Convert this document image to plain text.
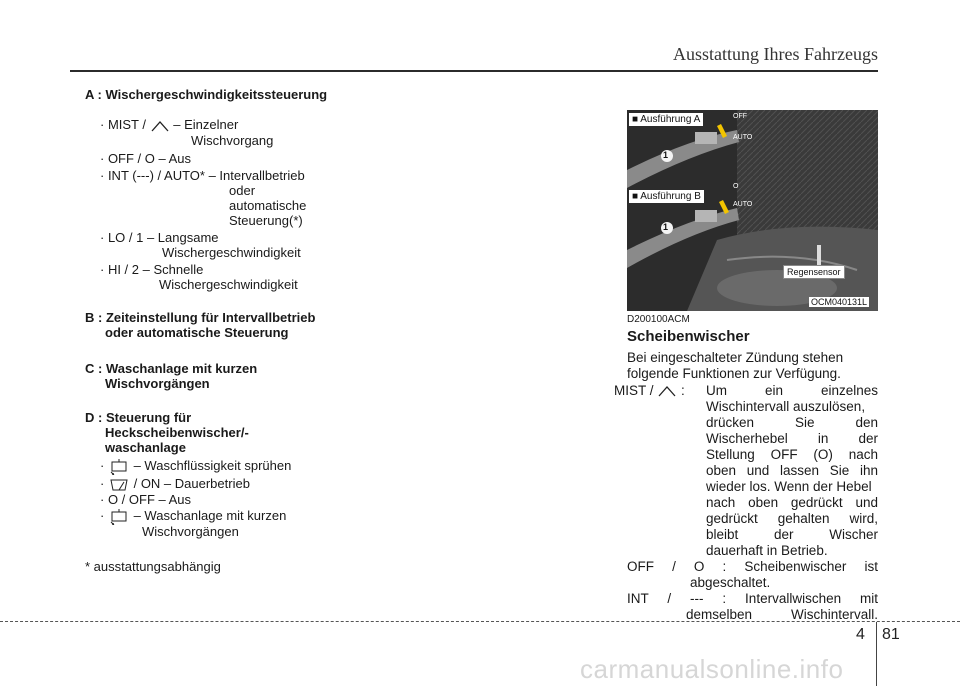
Ausstattung Ihres Fahrzeugs
A : Wischergeschwindigkeitssteuerung
· MIST / – Einzelner
Wischvorgang
· OFF / O – Aus
· INT (---) / AUTO* – Intervallbetrieb
oder
automatische
Steuerung(*)
· LO / 1 – Langsame
Wischergeschwindigkeit
· HI / 2 – Schnelle
Wischergeschwindigkeit
B : Zeiteinstellung für Intervallbetrieb
oder automatische Steuerung
C : Waschanlage mit kurzen
Wischvorgängen
D : Steuerung für
Heckscheibenwischer/-
waschanlage
· – Waschflüssigkeit sprühen
· / ON – Dauerbetrieb
· O / OFF – Aus
· – Waschanlage mit kurzen
Wischvorgängen
* ausstattungsabhängig
■ Ausführung A	OFF
AUTO
■ Ausführung B
O
AUTO
1
1
Regensensor
OCM040131L
D200100ACM
Scheibenwischer
Bei eingeschalteter Zündung stehen
folgende Funktionen zur Verfügung.
MIST /  : Um ein einzelnes
Wischintervall auszulösen,
drücken Sie den
Wischerhebel in der
Stellung OFF (O) nach
oben und lassen Sie ihn
wieder los. Wenn der Hebel
nach oben gedrückt und
gedrückt gehalten wird,
bleibt der Wischer
dauerhaft in Betrieb.
OFF / O : Scheibenwischer ist
abgeschaltet.
INT / --- : Intervallwischen mit
demselben Wischintervall.
4 81
carmanualsonline.info
